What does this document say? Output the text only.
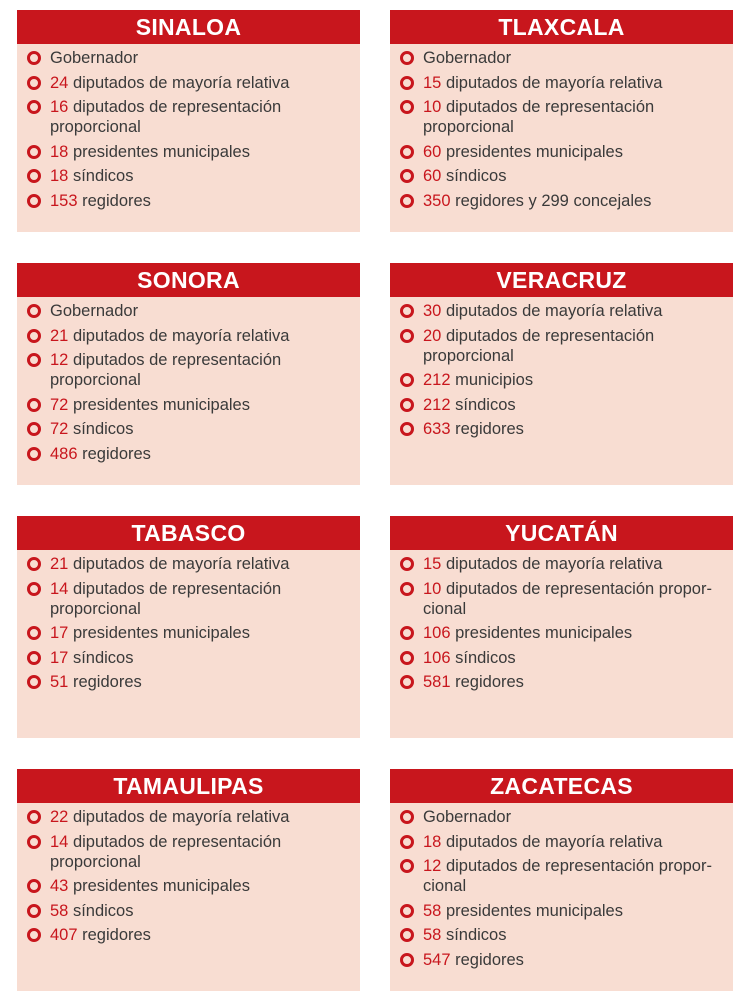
SINALOA
Gobernador
24 diputados de mayoría relativa
16 diputados de representación proporcional
18 presidentes municipales
18 síndicos
153 regidores
TLAXCALA
Gobernador
15 diputados de mayoría relativa
10 diputados de representación proporcional
60 presidentes municipales
60 síndicos
350 regidores y 299 concejales
SONORA
Gobernador
21 diputados de mayoría relativa
12 diputados de representación proporcional
72 presidentes municipales
72 síndicos
486 regidores
VERACRUZ
30 diputados de mayoría relativa
20 diputados de representación proporcional
212 municipios
212 síndicos
633 regidores
TABASCO
21 diputados de mayoría relativa
14 diputados de representación proporcional
17 presidentes municipales
17 síndicos
51 regidores
YUCATÁN
15 diputados de mayoría relativa
10 diputados de representación propor- cional
106 presidentes municipales
106 síndicos
581 regidores
TAMAULIPAS
22 diputados de mayoría relativa
14 diputados de representación proporcional
43 presidentes municipales
58 síndicos
407 regidores
ZACATECAS
Gobernador
18 diputados de mayoría relativa
12 diputados de representación propor- cional
58 presidentes municipales
58 síndicos
547 regidores
